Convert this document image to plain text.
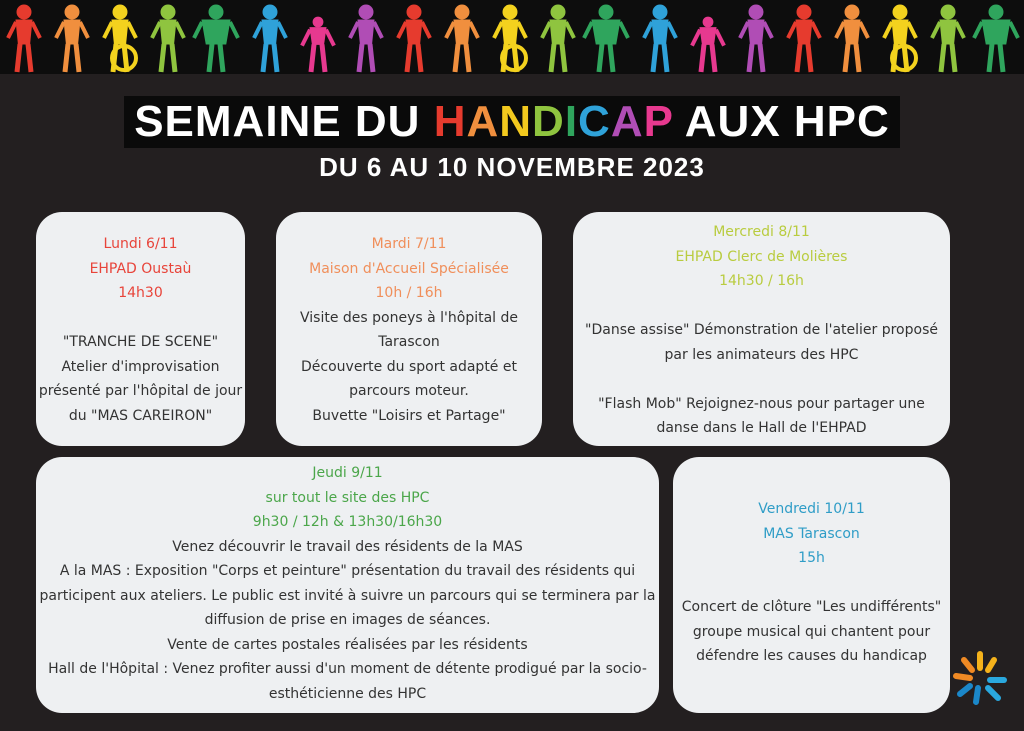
SEMAINE DU HANDICAP AUX HPC
DU 6 AU 10 NOVEMBRE 2023

Lundi 6/11

EHPAD Oustaù

14h30

"TRANCHE DE SCENE"

Atelier d'improvisation

présenté par l'hôpital de jour

du "MAS CAREIRON"

Mardi 7/11

Maison d'Accueil Spécialisée

10h / 16h

Visite des poneys à l'hôpital de

Tarascon

Découverte du sport adapté et

parcours moteur.

Buvette "Loisirs et Partage"

Mercredi 8/11

EHPAD Clerc de Molières

14h30 / 16h

"Danse assise" Démonstration de l'atelier proposé

par les animateurs des HPC

"Flash Mob" Rejoignez-nous pour partager une

danse dans le Hall de l'EHPAD

Jeudi 9/11

sur tout le site des HPC

9h30 / 12h & 13h30/16h30

Venez découvrir le travail des résidents de la MAS

A la MAS : Exposition "Corps et peinture" présentation du travail des résidents qui

participent aux ateliers. Le public est invité à suivre un parcours qui se terminera par la

diffusion de prise en images de séances.

Vente de cartes postales réalisées par les résidents

Hall de l'Hôpital : Venez profiter aussi d'un moment de détente prodigué par la socio-

esthéticienne des HPC

Vendredi 10/11

MAS Tarascon

15h

Concert de clôture "Les undifférents"

groupe musical qui chantent pour

défendre les causes du handicap
